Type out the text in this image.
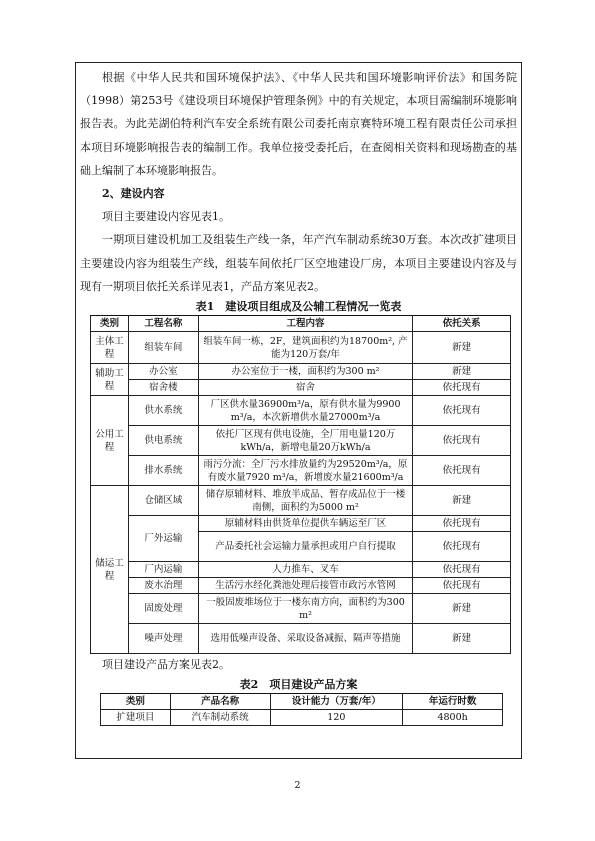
根据《中华人民共和国环境保护法》、《中华人民共和国环境影响评价法》和国务院（1998）第253号《建设项目环境保护管理条例》中的有关规定，本项目需编制环境影响报告表。为此芜湖伯特利汽车安全系统有限公司委托南京赛特环境工程有限责任公司承担本项目环境影响报告表的编制工作。我单位接受委托后，在查阅相关资料和现场勘查的基础上编制了本环境影响报告。

2、建设内容

项目主要建设内容见表1。

一期项目建设机加工及组装生产线一条，年产汽车制动系统30万套。本次改扩建项目主要建设内容为组装生产线，组装车间依托厂区空地建设厂房，本项目主要建设内容及与现有一期项目依托关系详见表1，产品方案见表2。

表1　建设项目组成及公辅工程情况一览表

类别	工程名称	工程内容	依托关系
主体工程	组装车间	组装车间一栋，2F，建筑面积约为18700m², 产能为120万套/年	新建
辅助工程	办公室	办公室位于一楼，面积约为300 m²	新建
	宿舍楼	宿舍	依托现有
公用工程	供水系统	厂区供水量36900m³/a，原有供水量为9900 m³/a，本次新增供水量27000m³/a	依托现有
	供电系统	依托厂区现有供电设施，全厂用电量120万kWh/a，新增电量20万kWh/a	依托现有
	排水系统	雨污分流：全厂污水排放量约为29520m³/a，原有废水量7920 m³/a，新增废水量21600m³/a	依托现有
储运工程	仓储区域	储存原辅材料、堆放半成品、暂存成品位于一楼南侧，面积约为5000 m²	新建
	厂外运输	原辅材料由供货单位提供车辆运至厂区	依托现有
		产品委托社会运输力量承担或用户自行提取	依托现有
	厂内运输	人力推车、叉车	依托现有
	废水治理	生活污水经化粪池处理后接管市政污水管网	依托现有
	固废处理	一般固废堆场位于一楼东南方向，面积约为300 m²	新建
	噪声处理	选用低噪声设备、采取设备减振、隔声等措施	新建

项目建设产品方案见表2。

表2　项目建设产品方案

类别	产品名称	设计能力（万套/年）	年运行时数
扩建项目	汽车制动系统	120	4800h
2
